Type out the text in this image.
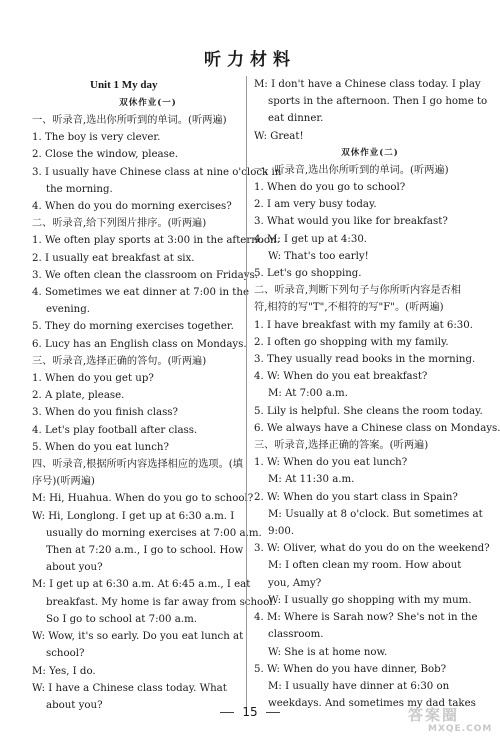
听力材料
Unit 1 My day
双休作业(一)
一、听录音,选出你所听到的单词。(听两遍)
1. The boy is very clever.
2. Close the window, please.
3. I usually have Chinese class at nine o'clock in
the morning.
4. When do you do morning exercises?
二、听录音,给下列图片排序。(听两遍)
1. We often play sports at 3:00 in the afternoon.
2. I usually eat breakfast at six.
3. We often clean the classroom on Fridays.
4. Sometimes we eat dinner at 7:00 in the
evening.
5. They do morning exercises together.
6. Lucy has an English class on Mondays.
三、听录音,选择正确的答句。(听两遍)
1. When do you get up?
2. A plate, please.
3. When do you finish class?
4. Let's play football after class.
5. When do you eat lunch?
四、听录音,根据所听内容选择相应的选项。(填
序号)(听两遍)
M: Hi, Huahua. When do you go to school?
W: Hi, Longlong. I get up at 6:30 a.m. I
usually do morning exercises at 7:00 a.m.
Then at 7:20 a.m., I go to school. How
about you?
M: I get up at 6:30 a.m. At 6:45 a.m., I eat
breakfast. My home is far away from school.
So I go to school at 7:00 a.m.
W: Wow, it's so early. Do you eat lunch at
school?
M: Yes, I do.
W: I have a Chinese class today. What
about you?
M: I don't have a Chinese class today. I play
sports in the afternoon. Then I go home to
eat dinner.
W: Great!
双休作业(二)
一、听录音,选出你所听到的单词。(听两遍)
1. When do you go to school?
2. I am very busy today.
3. What would you like for breakfast?
4. M: I get up at 4:30.
W: That's too early!
5. Let's go shopping.
二、听录音,判断下列句子与你所听内容是否相
符,相符的写"T",不相符的写"F"。(听两遍)
1. I have breakfast with my family at 6:30.
2. I often go shopping with my family.
3. They usually read books in the morning.
4. W: When do you eat breakfast?
M: At 7:00 a.m.
5. Lily is helpful. She cleans the room today.
6. We always have a Chinese class on Mondays.
三、听录音,选择正确的答案。(听两遍)
1. W: When do you eat lunch?
M: At 11:30 a.m.
2. W: When do you start class in Spain?
M: Usually at 8 o'clock. But sometimes at
9:00.
3. W: Oliver, what do you do on the weekend?
M: I often clean my room. How about
you, Amy?
W: I usually go shopping with my mum.
4. M: Where is Sarah now? She's not in the
classroom.
W: She is at home now.
5. W: When do you have dinner, Bob?
M: I usually have dinner at 6:30 on
weekdays. And sometimes my dad takes
15	答案圈
MXQE.COM
